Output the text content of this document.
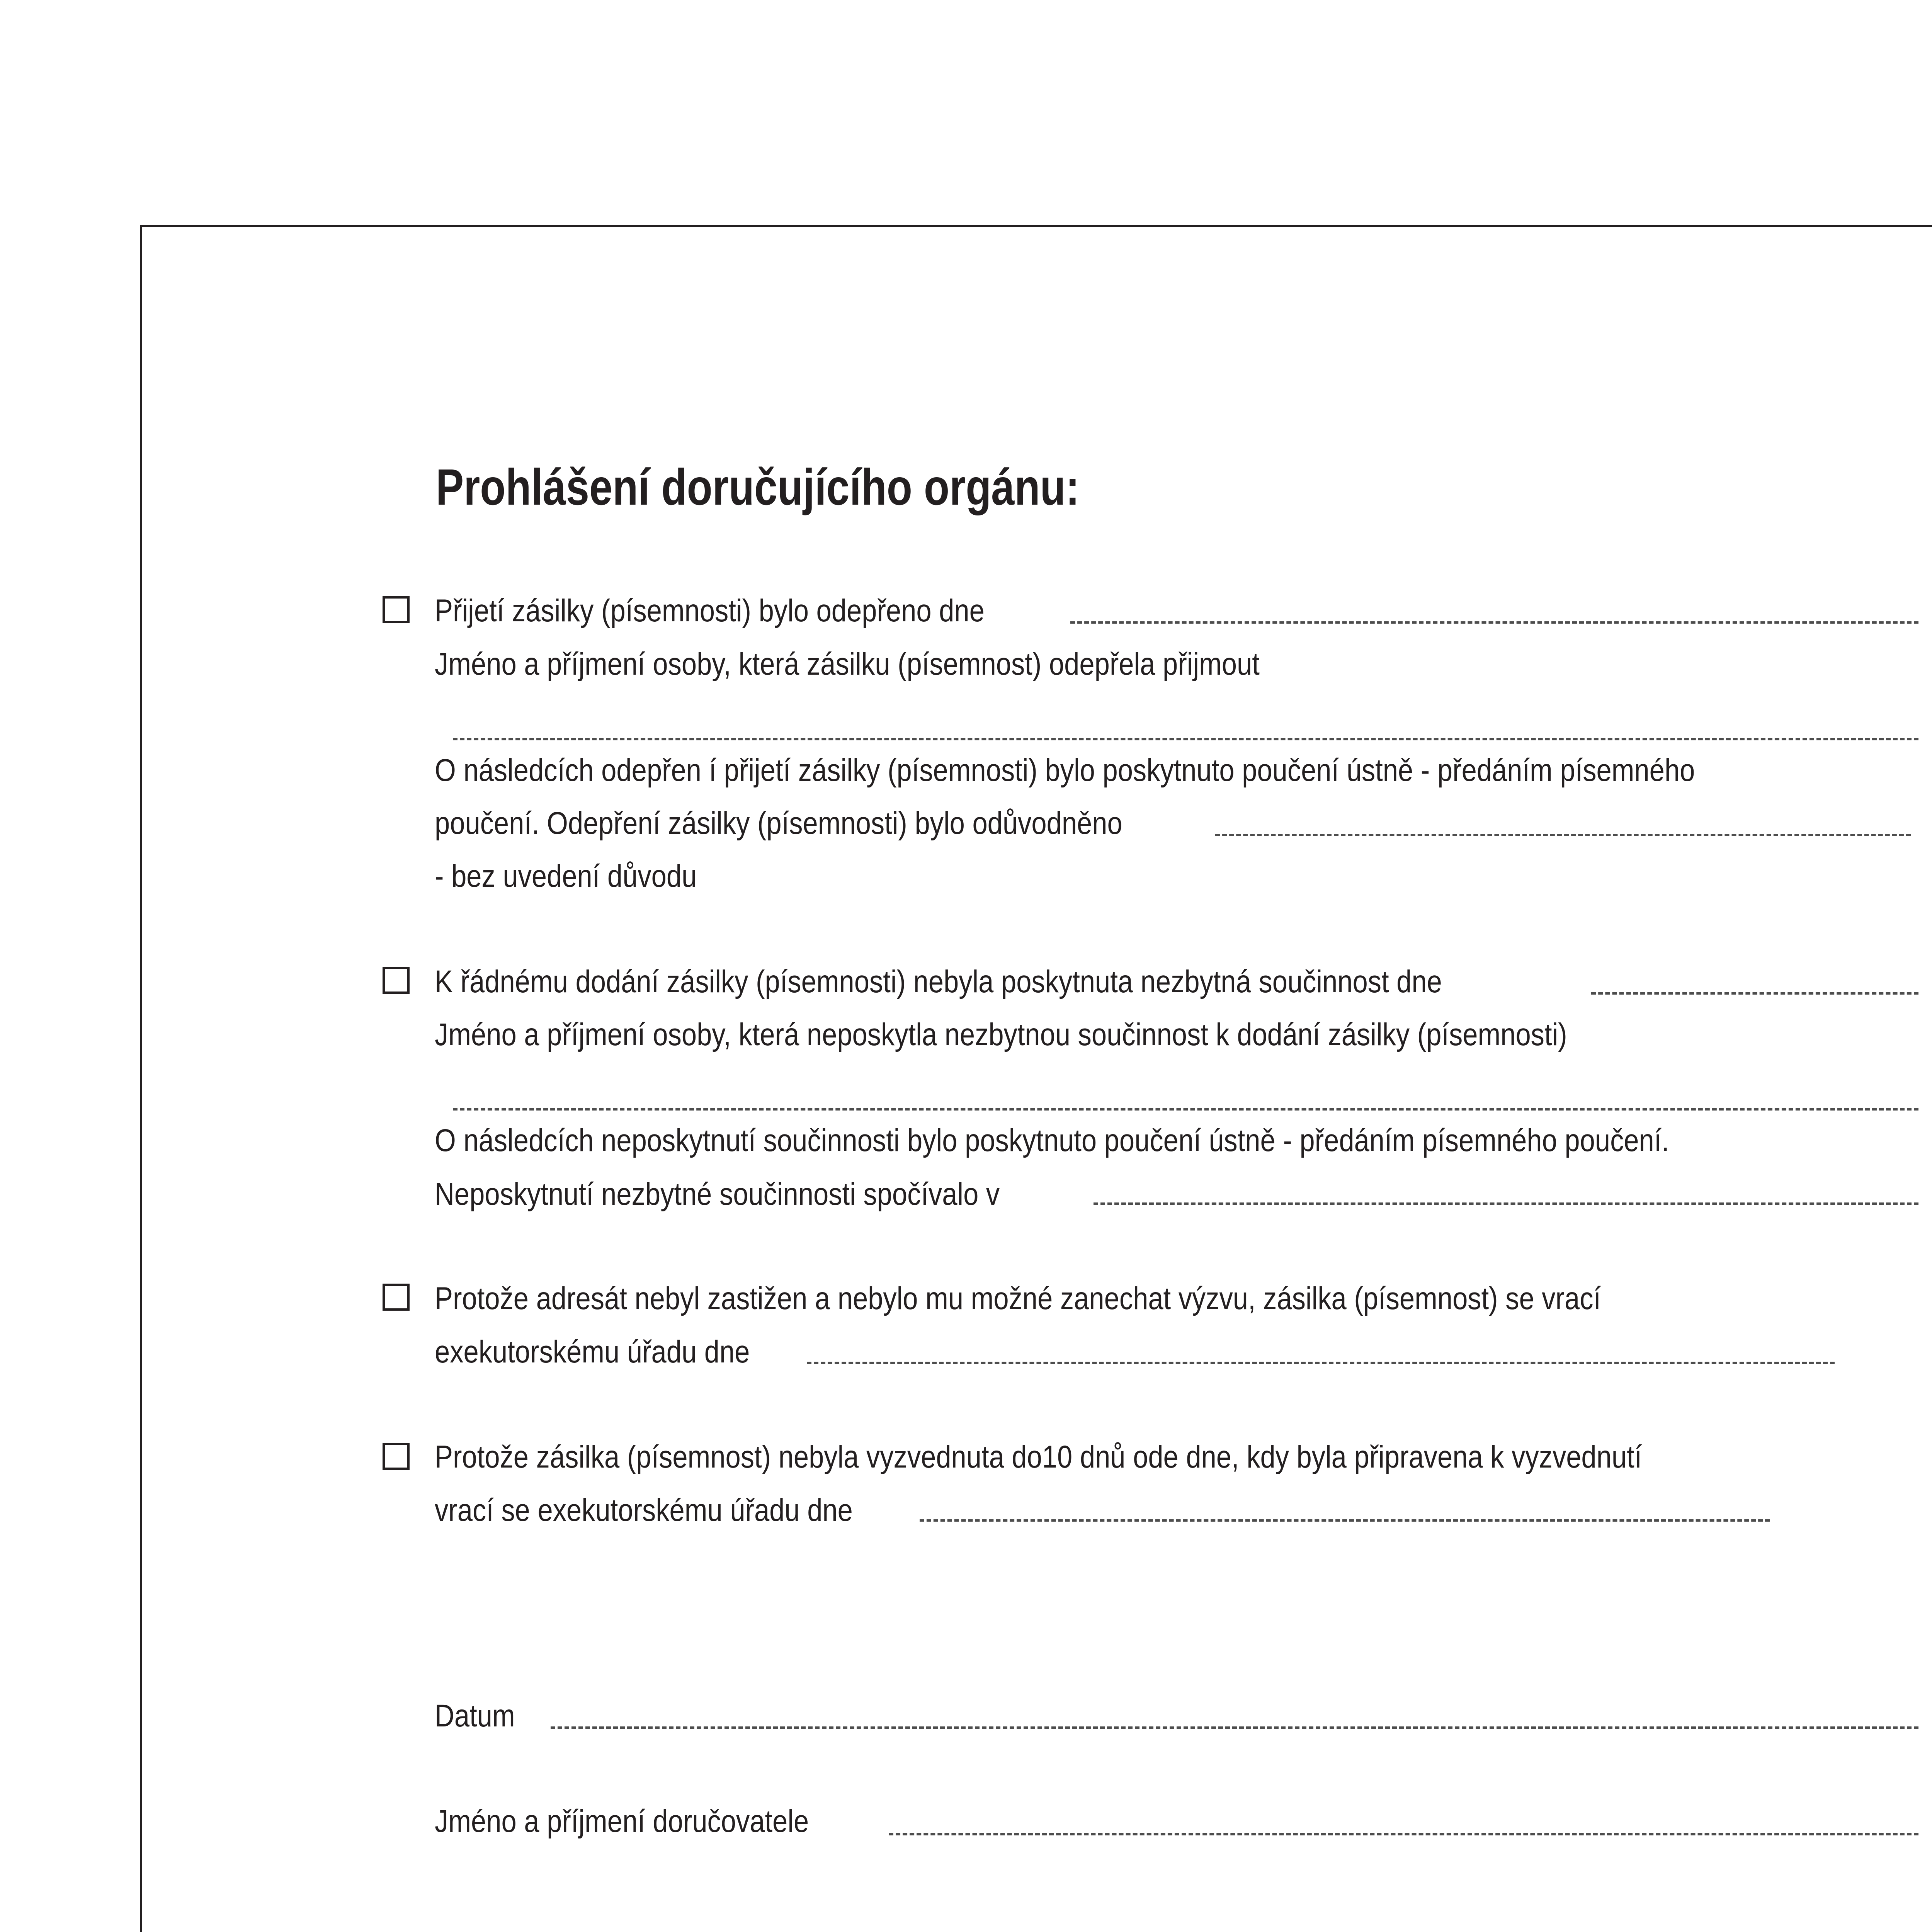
Prohlášení doručujícího orgánu:
Přijetí zásilky (písemnosti) bylo odepřeno dne
Jméno a příjmení osoby, která zásilku (písemnost) odepřela přijmout
O následcích odepřen í přijetí zásilky (písemnosti) bylo poskytnuto poučení ústně - předáním písemného
poučení. Odepření zásilky (písemnosti) bylo odůvodněno
- bez uvedení důvodu
K řádnému dodání zásilky (písemnosti) nebyla poskytnuta nezbytná součinnost dne
Jméno a příjmení osoby, která neposkytla nezbytnou součinnost k dodání zásilky (písemnosti)
O následcích neposkytnutí součinnosti bylo poskytnuto poučení ústně - předáním písemného poučení.
Neposkytnutí nezbytné součinnosti spočívalo v
Protože adresát nebyl zastižen a nebylo mu možné zanechat výzvu, zásilka (písemnost) se vrací
exekutorskému úřadu dne
Protože zásilka (písemnost) nebyla vyzvednuta do10 dnů ode dne, kdy byla připravena k vyzvednutí
vrací se exekutorskému úřadu dne
Datum
Jméno a příjmení doručovatele
